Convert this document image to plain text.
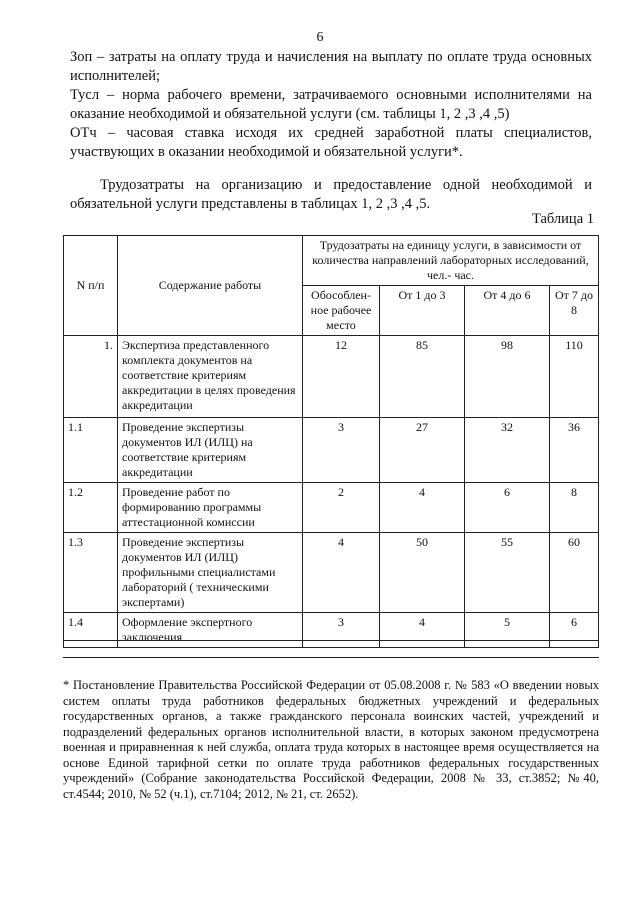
6

Зоп – затраты на оплату труда и начисления на выплату по оплате труда основных исполнителей;

Тусл – норма рабочего времени, затрачиваемого основными исполнителями на оказание необходимой и обязательной услуги (см. таблицы 1, 2 ,3 ,4 ,5)

ОТч – часовая ставка исходя их средней заработной платы специалистов, участвующих в оказании необходимой и обязательной услуги*.

Трудозатраты на организацию и предоставление одной необходимой и обязательной услуги представлены в таблицах 1, 2 ,3 ,4 ,5.
Таблица 1
N п/п	Содержание работы	Трудозатраты на единицу услуги, в зависимости от количества направлений лабораторных исследований, чел.- час.			
		Обособлен- ное рабочее место	От 1 до 3	От 4 до 6	От 7 до 8
1.	Экспертиза представленного комплекта документов на соответствие критериям аккредитации в целях проведения аккредитации	12	85	98	110
1.1	Проведение экспертизы документов ИЛ (ИЛЦ) на соответствие критериям аккредитации	3	27	32	36
1.2	Проведение работ по формированию программы аттестационной комиссии	2	4	6	8
1.3	Проведение экспертизы документов ИЛ (ИЛЦ) профильными специалистами лабораторий ( техническими экспертами)	4	50	55	60
1.4	Оформление экспертного заключения	3	4	5	6
* Постановление Правительства Российской Федерации от 05.08.2008 г. № 583 «О введении новых систем оплаты труда работников федеральных бюджетных учреждений и федеральных государственных органов, а также гражданского персонала воинских частей, учреждений и подразделений федеральных органов исполнительной власти, в которых законом предусмотрена военная и приравненная к ней служба, оплата труда которых в настоящее время осуществляется на основе Единой тарифной сетки по оплате труда работников федеральных государственных учреждений» (Собрание законодательства Российской Федерации, 2008 № 33, ст.3852; №40, ст.4544; 2010, № 52 (ч.1), ст.7104; 2012, № 21, ст. 2652).
